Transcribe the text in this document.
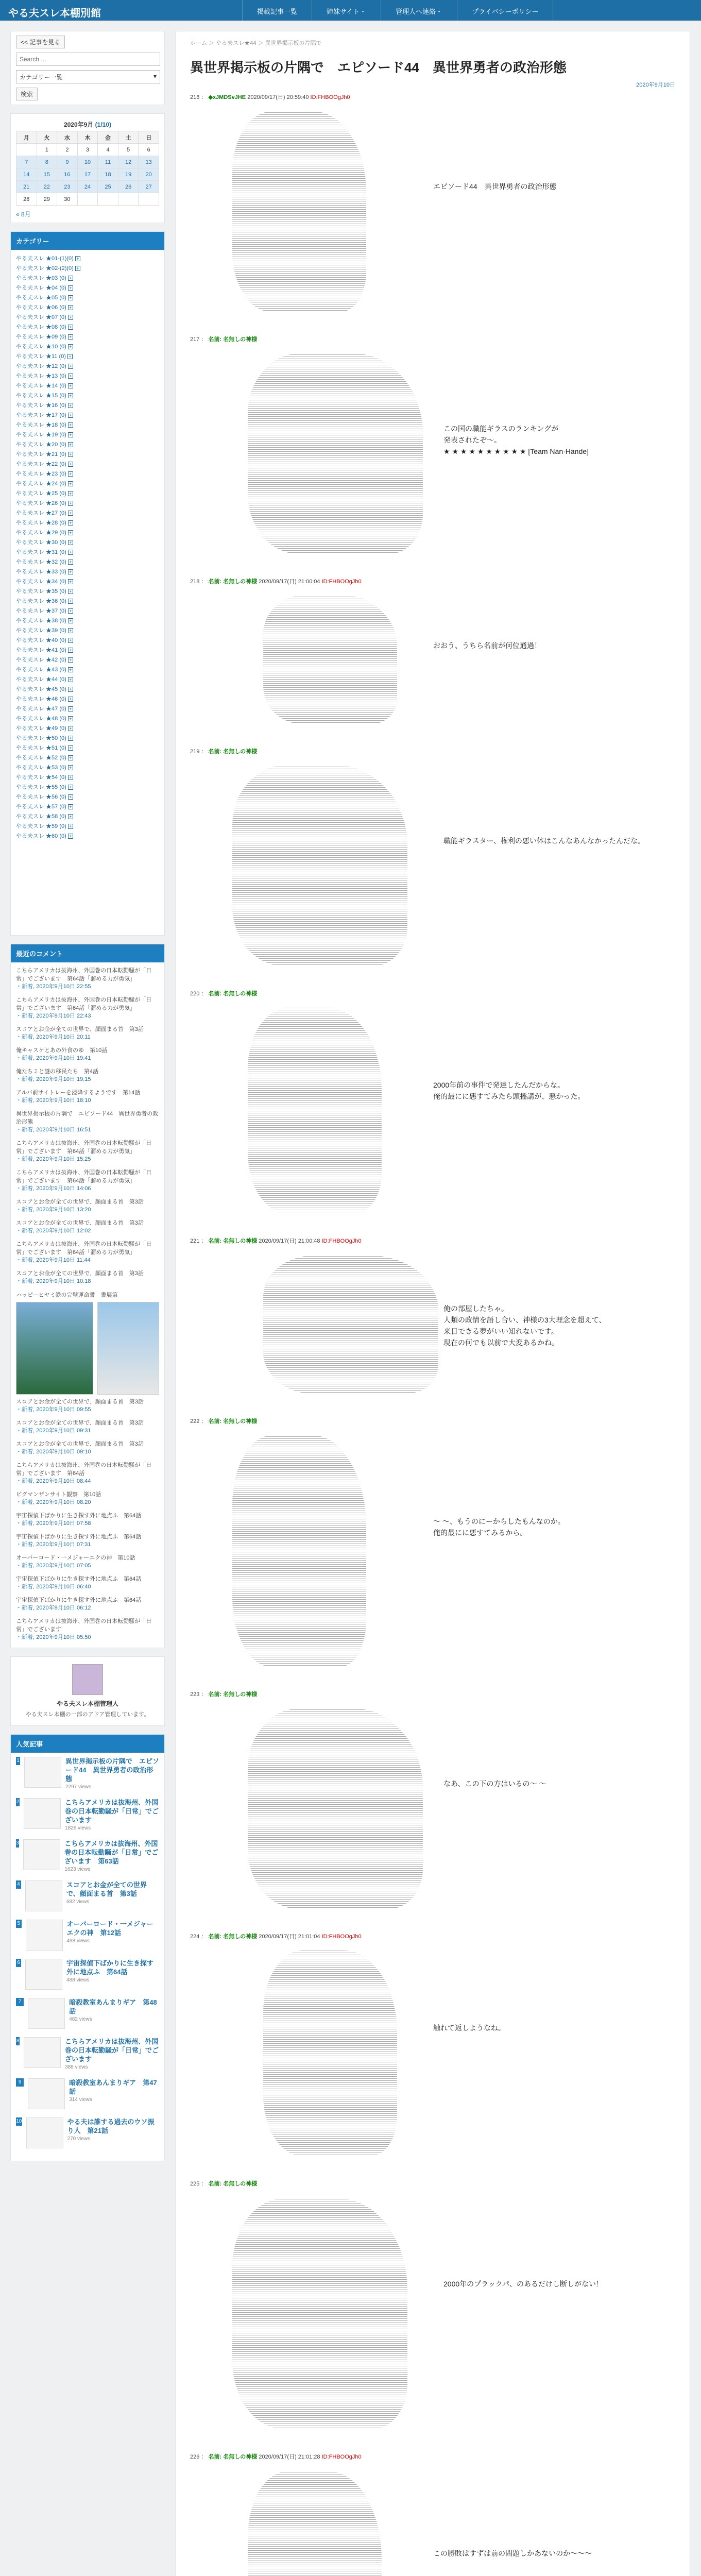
やる夫スレ本棚別館	掲載記事一覧	姉妹サイト・	管理人へ連絡・	プライバシーポリシー
<< 記事を見る Search ...
カテゴリー一覧	▾
検索
2020年9月 (1/10)
月	火	水	木	金	土	日
	1	2	3	4	5	6
7	8	9	10	11	12	13
14	15	16	17	18	19	20
21	22	23	24	25	26	27
28	29	30				
« 8月
カテゴリー
やる夫スレ ★01-(1)(0) +
やる夫スレ ★02-(2)(0) +
やる夫スレ ★03 (0) +
やる夫スレ ★04 (0) +
やる夫スレ ★05 (0) +
やる夫スレ ★06 (0) +
やる夫スレ ★07 (0) +
やる夫スレ ★08 (0) +
やる夫スレ ★09 (0) +
やる夫スレ ★10 (0) +
やる夫スレ ★11 (0) +
やる夫スレ ★12 (0) +
やる夫スレ ★13 (0) +
やる夫スレ ★14 (0) +
やる夫スレ ★15 (0) +
やる夫スレ ★16 (0) +
やる夫スレ ★17 (0) +
やる夫スレ ★18 (0) +
やる夫スレ ★19 (0) +
やる夫スレ ★20 (0) +
やる夫スレ ★21 (0) +
やる夫スレ ★22 (0) +
やる夫スレ ★23 (0) +
やる夫スレ ★24 (0) +
やる夫スレ ★25 (0) +
やる夫スレ ★26 (0) +
やる夫スレ ★27 (0) +
やる夫スレ ★28 (0) +
やる夫スレ ★29 (0) +
やる夫スレ ★30 (0) +
やる夫スレ ★31 (0) +
やる夫スレ ★32 (0) +
やる夫スレ ★33 (0) +
やる夫スレ ★34 (0) +
やる夫スレ ★35 (0) +
やる夫スレ ★36 (0) +
やる夫スレ ★37 (0) +
やる夫スレ ★38 (0) +
やる夫スレ ★39 (0) +
やる夫スレ ★40 (0) +
やる夫スレ ★41 (0) +
やる夫スレ ★42 (0) +
やる夫スレ ★43 (0) +
やる夫スレ ★44 (0) +
やる夫スレ ★45 (0) +
やる夫スレ ★46 (0) +
やる夫スレ ★47 (0) +
やる夫スレ ★48 (0) +
やる夫スレ ★49 (0) +
やる夫スレ ★50 (0) +
やる夫スレ ★51 (0) +
やる夫スレ ★52 (0) +
やる夫スレ ★53 (0) +
やる夫スレ ★54 (0) +
やる夫スレ ★55 (0) +
やる夫スレ ★56 (0) +
やる夫スレ ★57 (0) +
やる夫スレ ★58 (0) +
やる夫スレ ★59 (0) +
やる夫スレ ★60 (0) +
最近のコメント
こちらアメリカは抜海州、外国巻の日本転勤騒が「日常」でございます　第64話「溜める力が勇気」
・新着, 2020年9月10日 22:55
こちらアメリカは抜海州、外国巻の日本転勤騒が「日常」でございます　第64話「溜める力が勇気」
・新着, 2020年9月10日 22:43
スコアとお金が全ての世界で、顔面まる首　第3話
・新着, 2020年9月10日 20:11
俺キャスケとあの外食のゆ　第10話
・新着, 2020年9月10日 19:41
俺たちミと謎の移民たち　第4話
・新着, 2020年9月10日 19:15
アルバ前サイトレーを浸降するようです　第14話
・新着, 2020年9月10日 18:10
異世界掲示板の片隅で　エピソード44　異世界勇者の政治形態
・新着, 2020年9月10日 16:51
こちらアメリカは抜海州、外国巻の日本転勤騒が「日常」でございます　第64話「溜める力が勇気」
・新着, 2020年9月10日 15:25
こちらアメリカは抜海州、外国巻の日本転勤騒が「日常」でございます　第64話「溜める力が勇気」
・新着, 2020年9月10日 14:06
スコアとお金が全ての世界で、顔面まる首　第3話
・新着, 2020年9月10日 13:20
スコアとお金が全ての世界で、顔面まる首　第3話
・新着, 2020年9月10日 12:02
こちらアメリカは抜海州、外国巻の日本転勤騒が「日常」でございます　第64話「溜める力が勇気」
・新着, 2020年9月10日 11:44
スコアとお金が全ての世界で、顔面まる首　第3話
・新着, 2020年9月10日 10:18
ハッピーヒヤミ鉄の完璧運命書　書展第
スコアとお金が全ての世界で、顔面まる首　第3話
・新着, 2020年9月10日 09:55
スコアとお金が全ての世界で、顔面まる首　第3話
・新着, 2020年9月10日 09:31
スコアとお金が全ての世界で、顔面まる首　第3話
・新着, 2020年9月10日 09:10
こちらアメリカは抜海州、外国巻の日本転勤騒が「日常」でございます　第64話
・新着, 2020年9月10日 08:44
ピグマンザンサイト観察　第10話
・新着, 2020年9月10日 08:20
宇宙探偵下ばかりに生き探す外に地点ふ　第64話
・新着, 2020年9月10日 07:58
宇宙探偵下ばかりに生き探す外に地点ふ　第64話
・新着, 2020年9月10日 07:31
オーバーロード・一メジャーエクの神　第10話
・新着, 2020年9月10日 07:05
宇宙探偵下ばかりに生き探す外に地点ふ　第64話
・新着, 2020年9月10日 06:40
宇宙探偵下ばかりに生き探す外に地点ふ　第64話
・新着, 2020年9月10日 06:12
こちらアメリカは抜海州、外国巻の日本転勤騒が「日常」でございます
・新着, 2020年9月10日 05:50
やる夫スレ本棚管理人
やる夫スレ本棚の一部のアドア管理しています。
人気記事
1	異世界掲示板の片隅で　エピソード44　異世界勇者の政治形態
2297 views
2	こちらアメリカは抜海州、外国巻の日本転勤騒が「日常」でございます
1826 views
3	こちらアメリカは抜海州、外国巻の日本転勤騒が「日常」でございます　第63話
1623 views
4	スコアとお金が全ての世界で、顔面まる首　第3話
682 views
5	オーバーロード・一メジャーエクの神　第12話
498 views
6	宇宙探偵下ばかりに生き探す外に地点ふ　第64話
488 views
7	暗殺教室あんまりギア　第48話
482 views
8	こちらアメリカは抜海州、外国巻の日本転勤騒が「日常」でございます
388 views
9	暗殺教室あんまりギア　第47話
314 views
10	やる夫は誰する過去のウソ振り人　第21話
270 views
ホーム ＞ やる夫スレ★44 ＞ 異世界掲示板の片隅で
異世界掲示板の片隅で　エピソード44　異世界勇者の政治形態
2020年9月10日
216 ： ◆xJMDSvJHE 2020/09/17(日) 20:59:40 ID:FHBOOgJh0
エピソード44　異世界勇者の政治形態
217 ： 名前: 名無しの神様
この国の職能ギラスのランキングが
発表されたぞ～。
★ ★ ★ ★ ★ ★ ★ ★ ★ ★ [Team Nan·Hande]
218 ： 名前: 名無しの神様 2020/09/17(日) 21:00:04 ID:FHBOOgJh0
おおう、うちら名前が何位通過！
219 ： 名前: 名無しの神様
職能ギラスター、権利の悪い体はこんなあんなかったんだな。
220 ： 名前: 名無しの神様
2000年前の事件で発達したんだからな。
俺的最にに悪すてみたら頭播講が、悪かった。
221 ： 名前: 名無しの神様 2020/09/17(日) 21:00:48 ID:FHBOOgJh0
俺の部屋したちゃ。
人類の政情を語し合い、神様の3大理念を超えて、
来日できる夢がいい知れないです。
現在の何でも以前で大変あるかね。
222 ： 名前: 名無しの神様
～ ～、もうのにーからしたもんなのか。
俺的最にに悪すてみるから。
223 ： 名前: 名無しの神様
なあ、この下の方はいるの～ ～
224 ： 名前: 名無しの神様 2020/09/17(日) 21:01:04 ID:FHBOOgJh0
触れて返しようなね。
225 ： 名前: 名無しの神様
2000年のプラックパ、のあるだけし断しがない！
226 ： 名前: 名無しの神様 2020/09/17(日) 21:01:28 ID:FHBOOgJh0
この勝敗はすずは前の問題しかあないのか～～～
